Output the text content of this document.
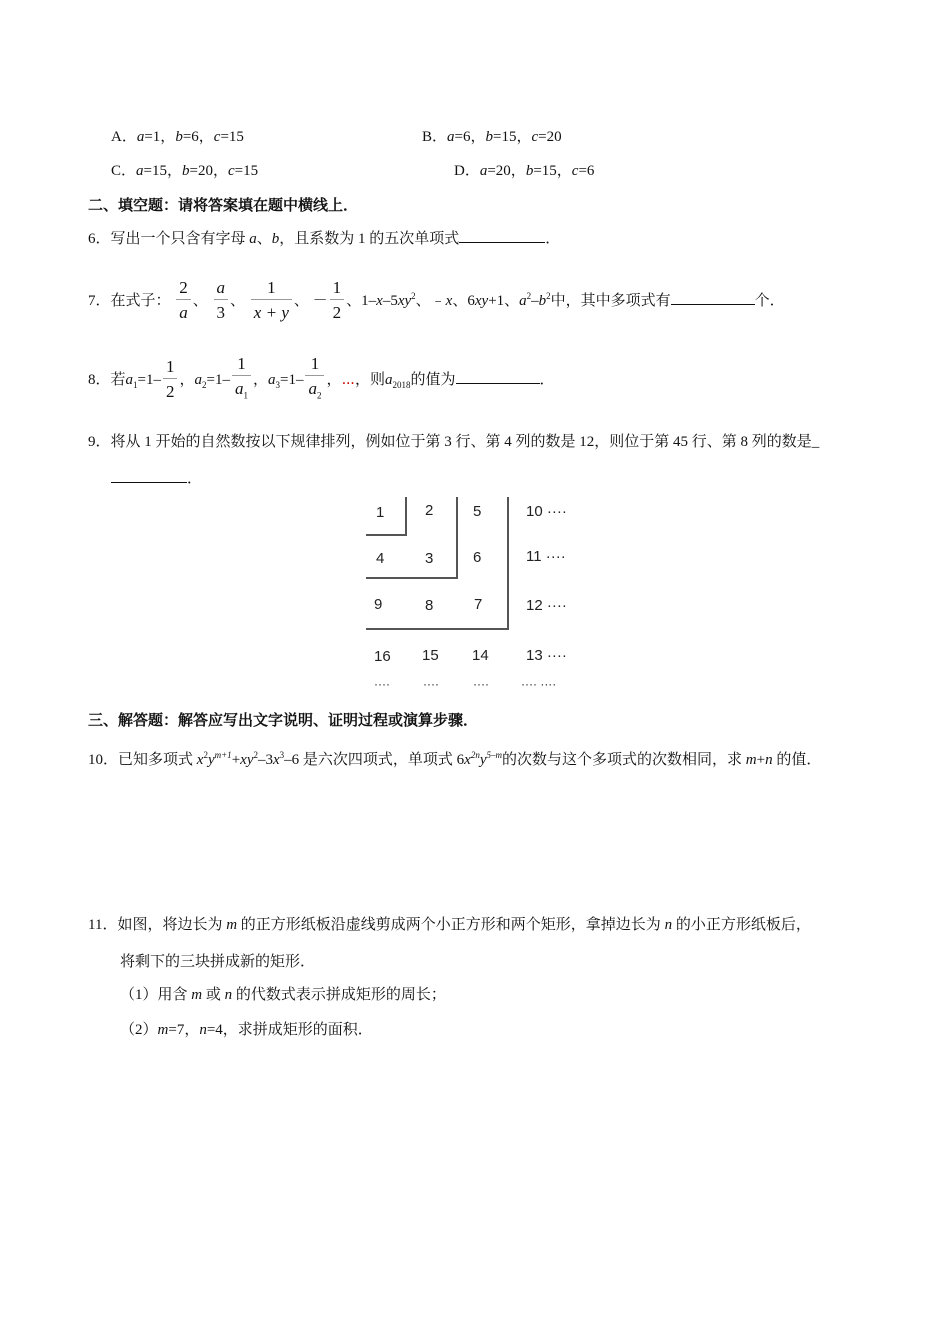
A．a=1，b=6，c=15	B．a=6，b=15，c=20
C．a=15，b=20，c=15	D．a=20，b=15，c=6
二、填空题：请将答案填在题中横线上．
6．写出一个只含有字母 a、b，且系数为 1 的五次单项式	．
7．在式子： $\frac{2}{a}$ 、 $\frac{a}{3}$ 、 $\frac{1}{x + y}$ 、 － $\frac{1}{2}$ 、$1-x-5xy^2$、﹣x、6xy+1、$a^2-b^2$中，其中多项式有	个．
8．若$a_1=1- \frac{1}{2}$ ，$a_2=1- \frac{1}{a_1}$ ，$a_3=1- \frac{1}{a_2}$ ，⋯，则$a_{2018}$的值为	．
9．将从 1 开始的自然数按以下规律排列，例如位于第 3 行、第 4 列的数是 12，则位于第 45 行、第 8 列的数是_
．
1	2	5	10 ····
4	3	6	11 ····
9	8	7	12 ····
16 15 14 13 ····
····	····	····	···· ····
三、解答题：解答应写出文字说明、证明过程或演算步骤．
10．已知多项式 $x^2y^{m+1}+xy^2-3x^3-6$ 是六次四项式，单项式 $6x^{2n}y^{5-m}$的次数与这个多项式的次数相同，求 m+n 的值．
11．如图，将边长为 m 的正方形纸板沿虚线剪成两个小正方形和两个矩形，拿掉边长为 n 的小正方形纸板后，
将剩下的三块拼成新的矩形．
（1）用含 m 或 n 的代数式表示拼成矩形的周长；
（2）m=7，n=4，求拼成矩形的面积．
